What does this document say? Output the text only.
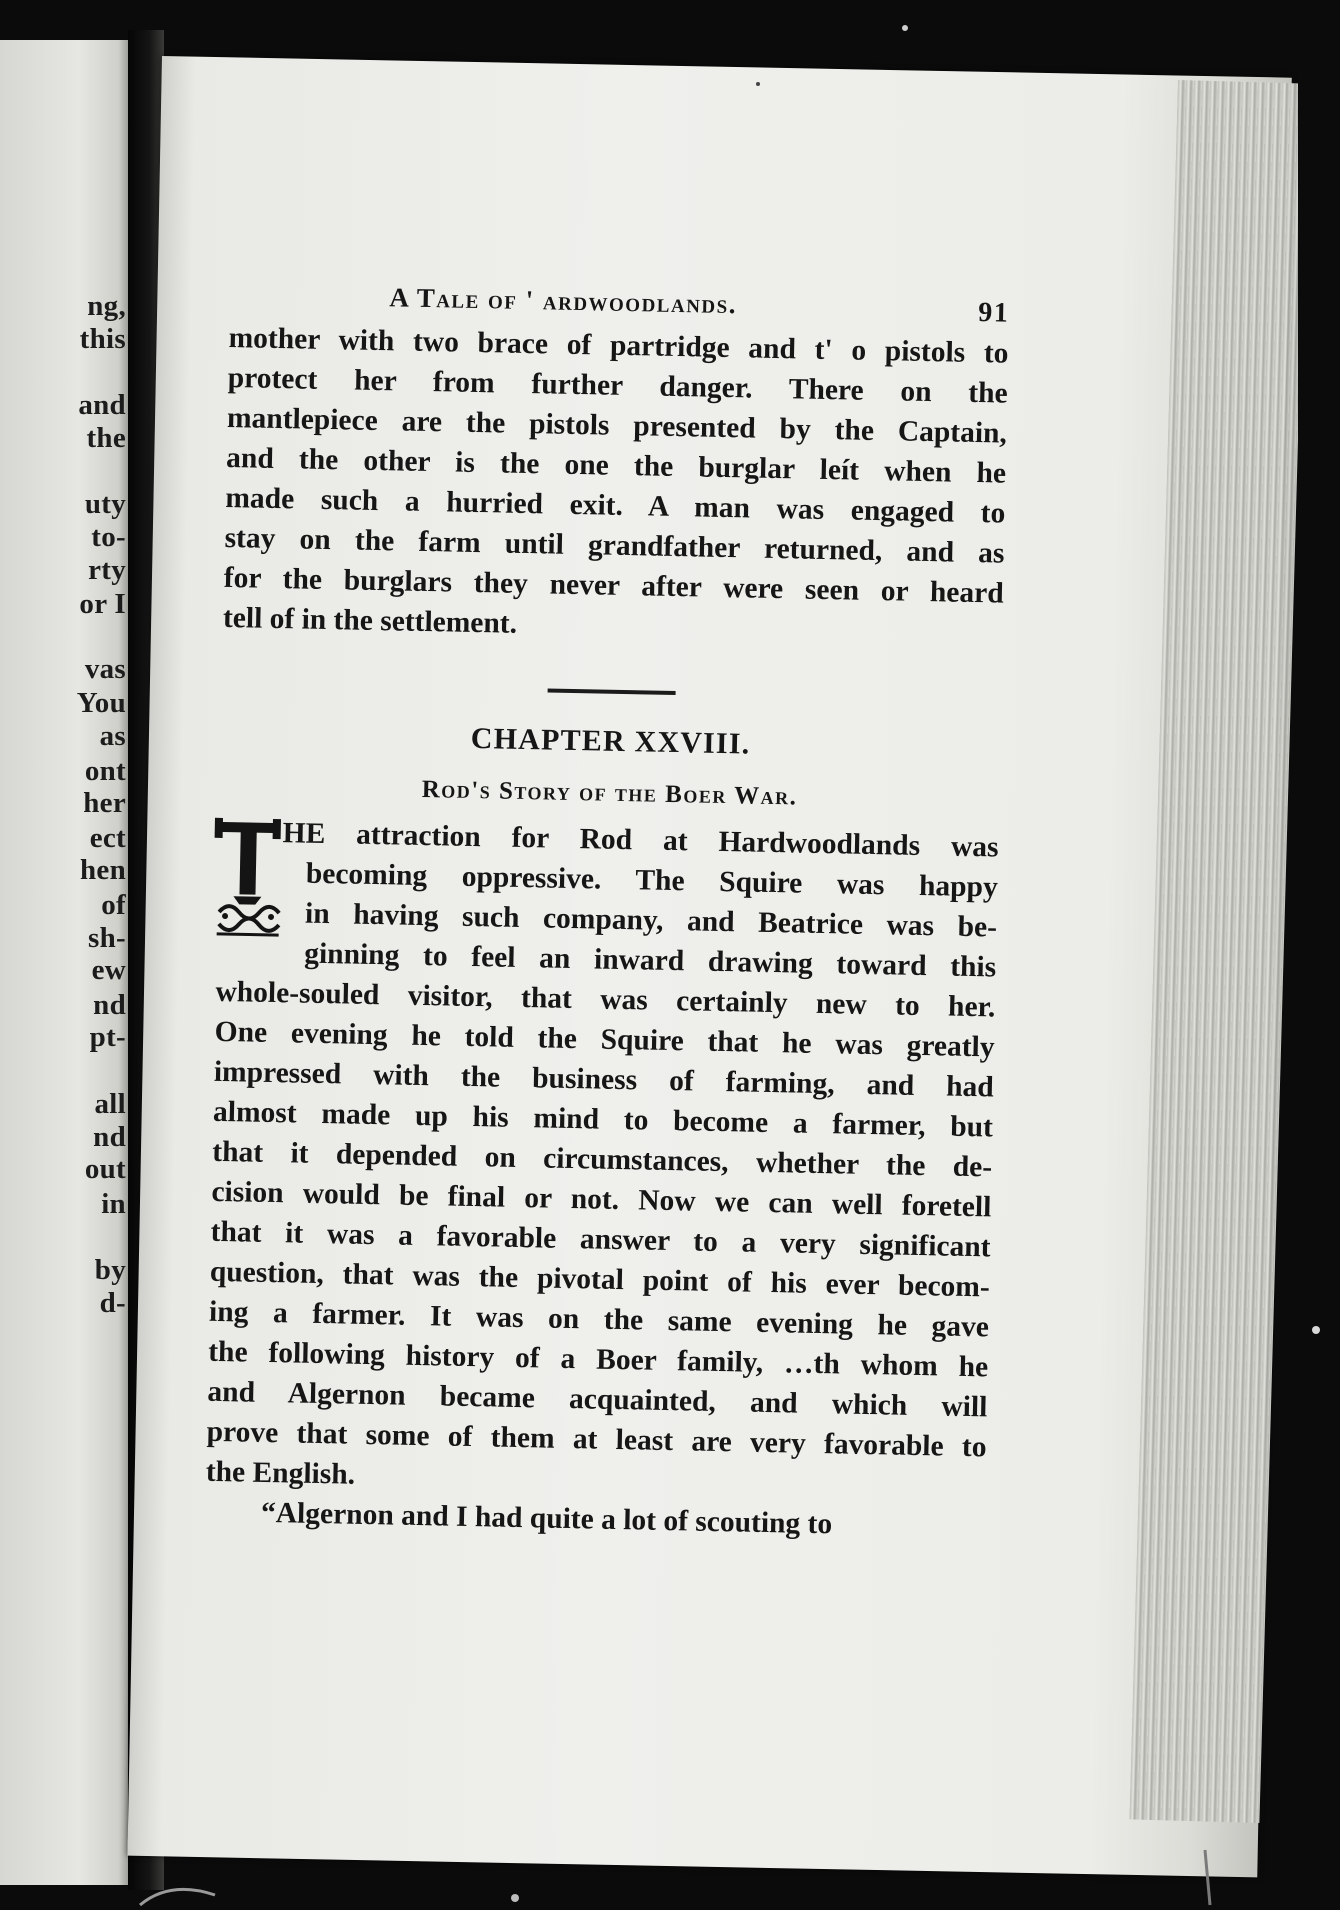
ng,
this
and
the
uty
to-
rty
or I
vas
You
as
ont
her
ect
hen
of
sh-
ew
nd
pt-
all
nd
out
in
by
d-
A Tale of ' ardwoodlands.	91
mother with two brace of partridge and t' o pistols to
protect her from further danger. There on the
mantlepiece are the pistols presented by the Captain,
and the other is the one the burglar leít when he
made such a hurried exit. A man was engaged to
stay on the farm until grandfather returned, and as
for the burglars they never after were seen or heard
tell of in the settlement.
CHAPTER XXVIII.
Rod's Story of the Boer War.
HE attraction for Rod at Hardwoodlands was
becoming oppressive. The Squire was happy
in having such company, and Beatrice was be-
ginning to feel an inward drawing toward this
whole-souled visitor, that was certainly new to her.
One evening he told the Squire that he was greatly
impressed with the business of farming, and had
almost made up his mind to become a farmer, but
that it depended on circumstances, whether the de-
cision would be final or not. Now we can well foretell
that it was a favorable answer to a very significant
question, that was the pivotal point of his ever becom-
ing a farmer. It was on the same evening he gave
the following history of a Boer family, …th whom he
and Algernon became acquainted, and which will
prove that some of them at least are very favorable to
the English.
“Algernon and I had quite a lot of scouting to
